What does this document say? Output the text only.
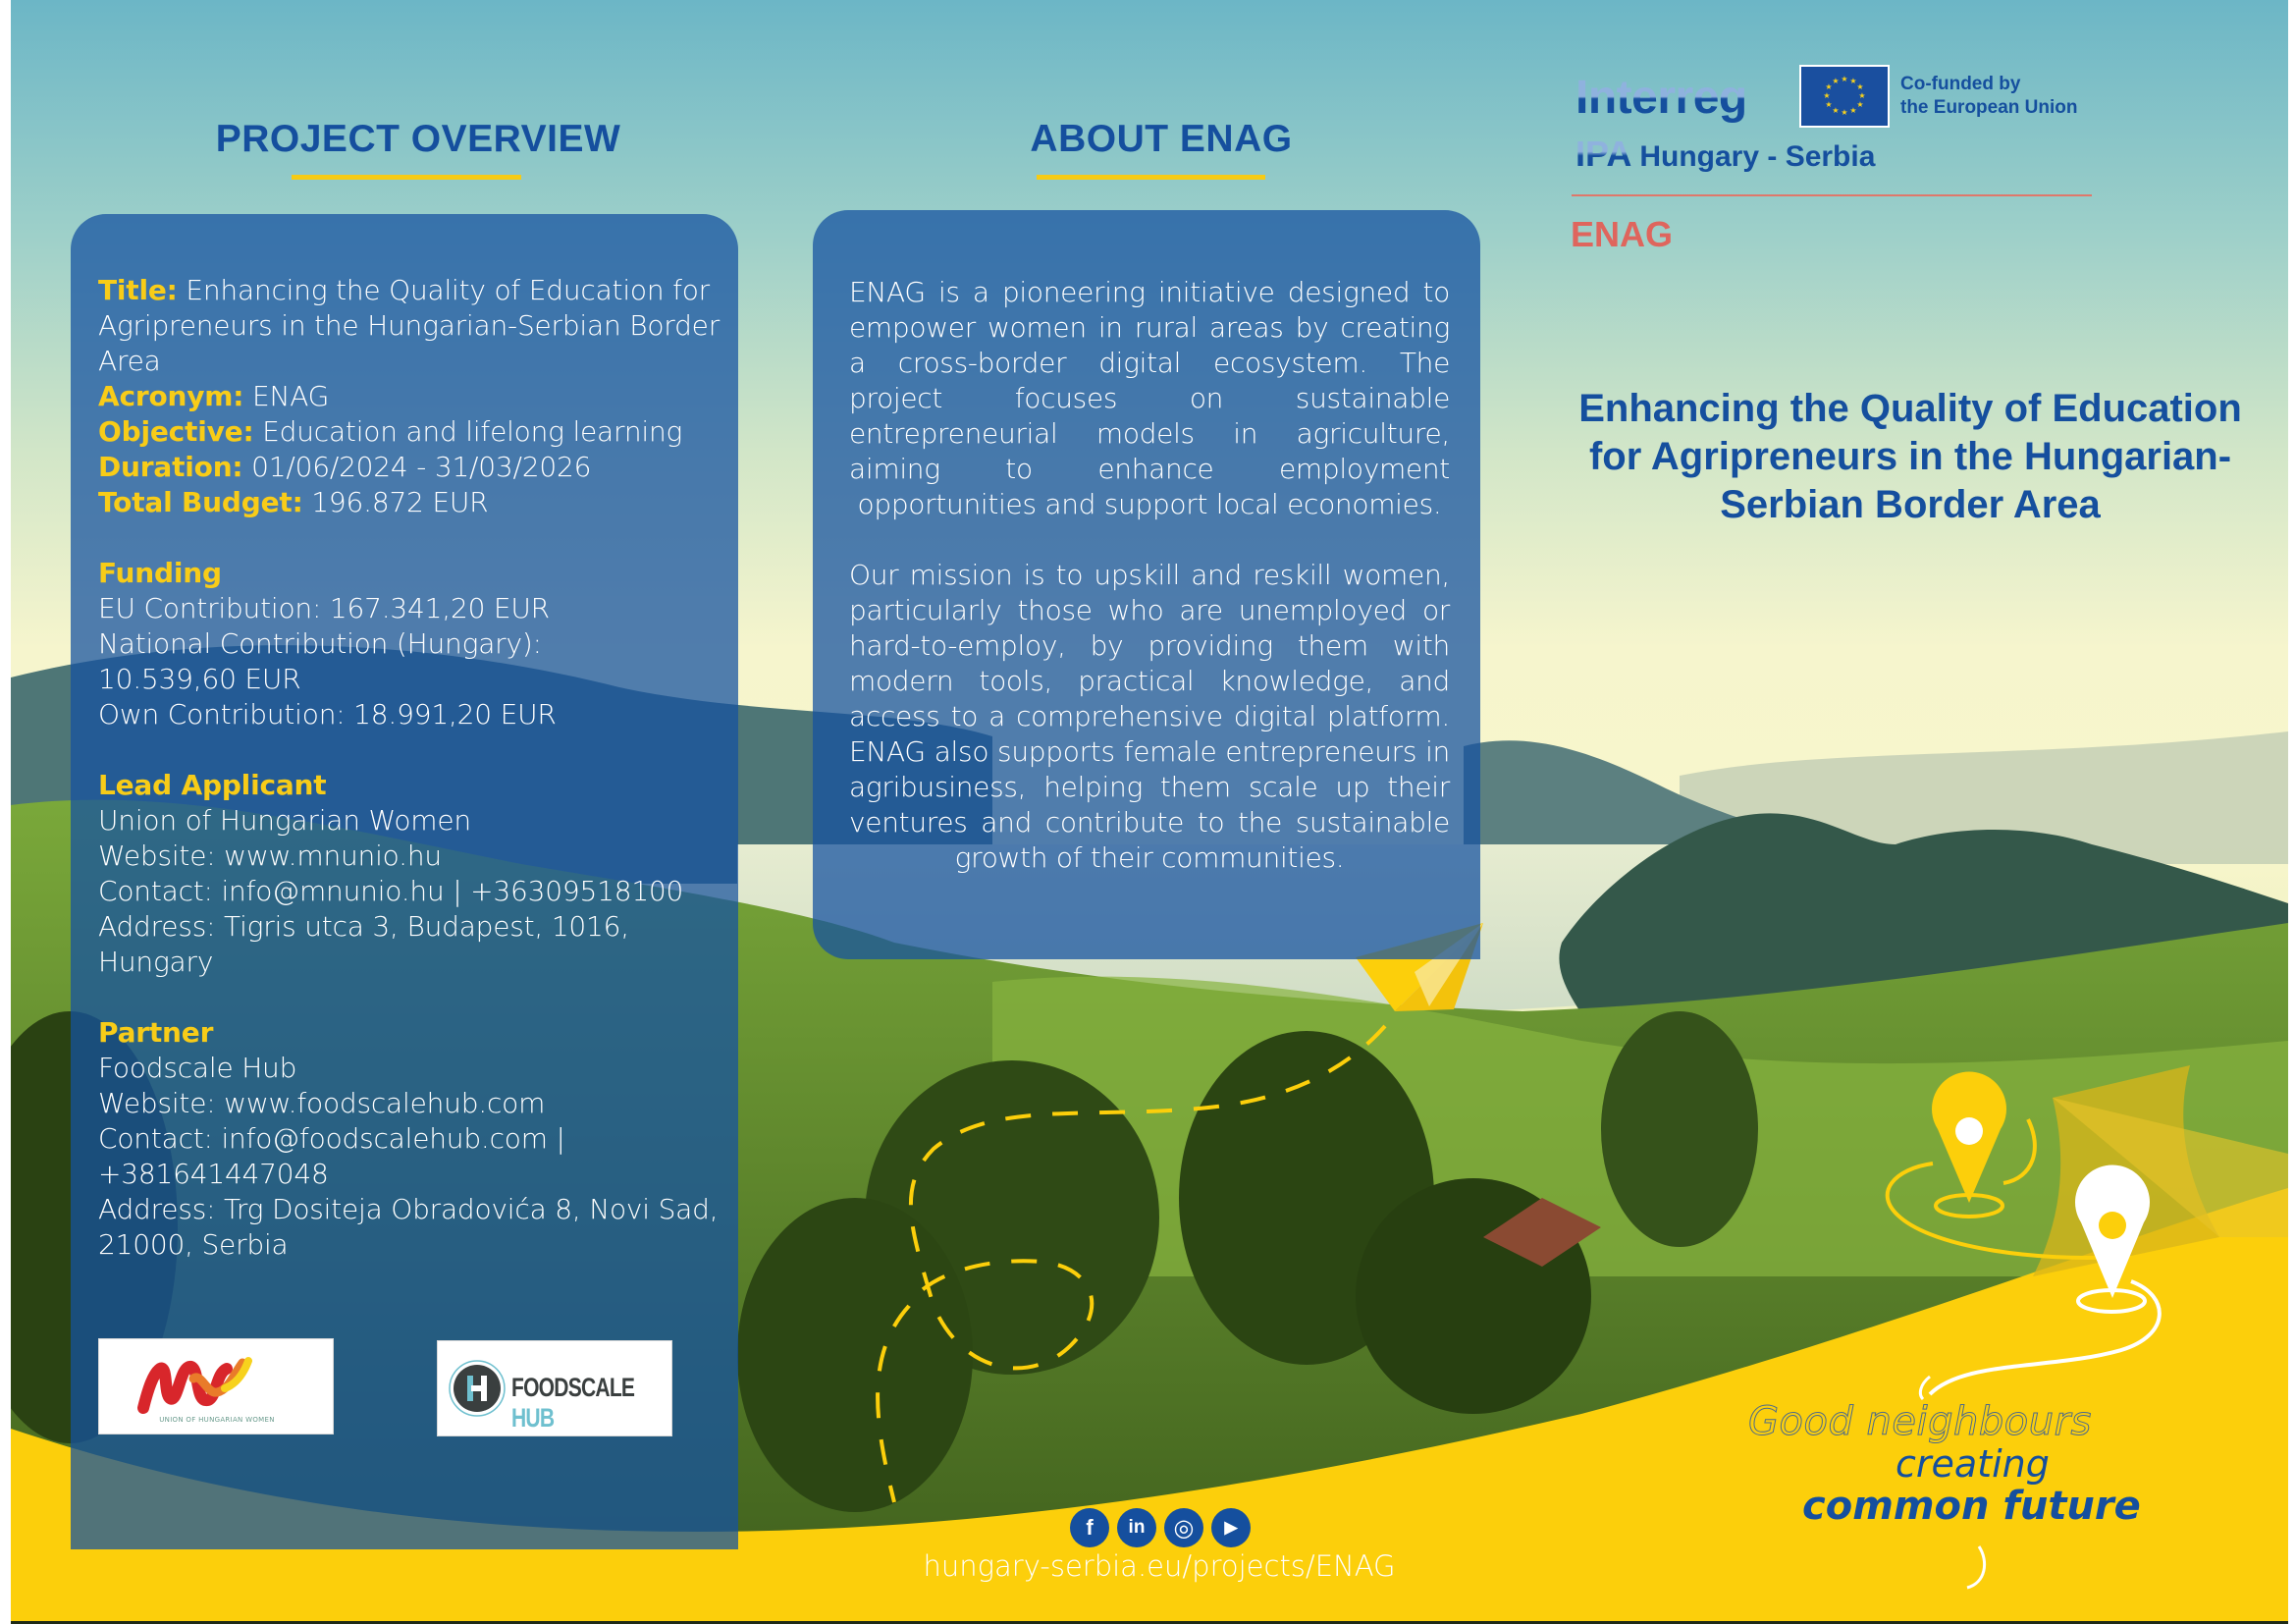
PROJECT OVERVIEW	ABOUT ENAG
Title: Enhancing the Quality of Education for Agripreneurs in the Hungarian-Serbian Border Area
Acronym: ENAG
Objective: Education and lifelong learning
Duration: 01/06/2024 - 31/03/2026
Total Budget: 196.872 EUR
Funding
EU Contribution: 167.341,20 EUR
National Contribution (Hungary):
10.539,60 EUR
Own Contribution: 18.991,20 EUR
Lead Applicant
Union of Hungarian Women
Website: www.mnunio.hu
Contact: info@mnunio.hu | +36309518100
Address: Tigris utca 3, Budapest, 1016,
Hungary
Partner
Foodscale Hub
Website: www.foodscalehub.com
Contact: info@foodscalehub.com |
+381641447048
Address: Trg Dositeja Obradovića 8, Novi Sad,
21000, Serbia
UNION OF HUNGARIAN WOMEN
FOODSCALE HUB

ENAG is a pioneering initiative designed to empower women in rural areas by creating a cross-border digital ecosystem. The project focuses on sustainable entrepreneurial models in agriculture, aiming to enhance employment opportunities and support local economies.

Our mission is to upskill and reskill women, particularly those who are unemployed or hard-to-employ, by providing them with modern tools, practical knowledge, and access to a comprehensive digital platform. ENAG also supports female entrepreneurs in agribusiness, helping them scale up their ventures and contribute to the sustainable growth of their communities.

Interreg	★ ★
★
★
★
★
★
★
★
★
★
★	Co-funded by
the European Union
IPA Hungary - Serbia
ENAG
Enhancing the Quality of Education for Agripreneurs in the Hungarian-Serbian Border Area
Good neighbours
creating
common future
f	in	◎	▶
hungary-serbia.eu/projects/ENAG
